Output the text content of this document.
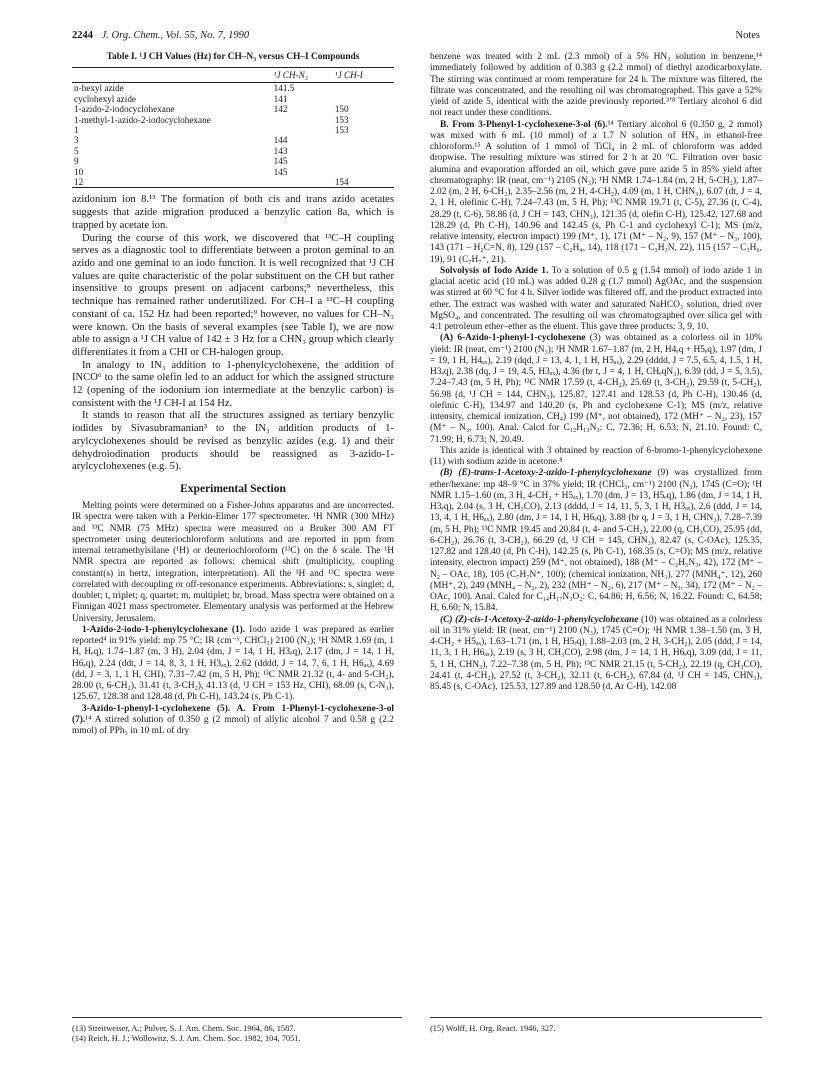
2244 J. Org. Chem., Vol. 55, No. 7, 1990	Notes
Table I. ¹J CH Values (Hz) for CH–N₃ versus CH–I Compounds
	¹J CH-N₃	¹J CH-I
n-hexyl azide	141.5	
cyclohexyl azide	141	
1-azido-2-iodocyclohexane	142	150
1-methyl-1-azido-2-iodocyclohexane		153
1		153
3	144	
5	143	
9	145	
10	145	
12		154

azidonium ion 8.¹³ The formation of both cis and trans azido acetates suggests that azide migration produced a benzylic cation 8a, which is trapped by acetate ion.

During the course of this work, we discovered that ¹³C–H coupling serves as a diagnostic tool to differentiate between a proton geminal to an azido and one geminal to an iodo function. It is well recognized that ¹J CH values are quite characteristic of the polar substituent on the CH but rather insensitive to groups present on adjacent carbons;⁹ nevertheless, this technique has remained rather underutilized. For CH–I a ¹³C–H coupling constant of ca. 152 Hz had been reported;⁹ however, no values for CH–N₃ were known. On the basis of several examples (see Table I), we are now able to assign a ¹J CH value of 142 ± 3 Hz for a CHN₃ group which clearly differentiates it from a CHI or CH-halogen group.

In analogy to IN₃ addition to 1-phenylcyclohexene, the addition of INCO⁶ to the same olefin led to an adduct for which the assigned structure 12 (opening of the iodonium ion intermediate at the benzylic carbon) is consistent with the ¹J CH-I at 154 Hz.

It stands to reason that all the structures assigned as tertiary benzylic iodides by Sivasubramanian³ to the IN₃ addition products of 1-arylcyclohexenes should be revised as benzylic azides (e.g. 1) and their dehydroiodination products should be reassigned as 3-azido-1-arylcyclohexenes (e.g. 5).

Experimental Section

Melting points were determined on a Fisher-Johns apparatus and are uncorrected. IR spectra were taken with a Perkin-Elmer 177 spectrometer. ¹H NMR (300 MHz) and ¹³C NMR (75 MHz) spectra were measured on a Bruker 300 AM FT spectrometer using deuteriochloroform solutions and are reported in ppm from internal tetramethylsilane (¹H) or deuteriochloroform (¹³C) on the δ scale. The ¹H NMR spectra are reported as follows: chemical shift (multiplicity, coupling constant(s) in hertz, integration, interpretation). All the ¹H and ¹³C spectra were correlated with decoupling or off-resonance experiments. Abbreviations: s, singlet; d, doublet; t, triplet; q, quartet; m, multiplet; br, broad. Mass spectra were obtained on a Finnigan 4021 mass spectrometer. Elementary analysis was performed at the Hebrew University, Jerusalem.

1-Azido-2-iodo-1-phenylcyclohexane (1). Iodo azide 1 was prepared as earlier reported⁴ in 91% yield: mp 75 °C; IR (cm⁻¹, CHCl₃) 2100 (N₃); ¹H NMR 1.69 (m, 1 H, Hₑq), 1.74–1.87 (m, 3 H), 2.04 (dm, J = 14, 1 H, H3ₑq), 2.17 (dm, J = 14, 1 H, H6ₑq), 2.24 (ddt, J = 14, 8, 3, 1 H, H3ₐₓ), 2.62 (dddd, J = 14, 7, 6, 1 H, H6ₐₓ), 4.69 (dd, J = 3, 1, 1 H, CHI), 7.31–7.42 (m, 5 H, Ph); ¹³C NMR 21.32 (t, 4- and 5-CH₂), 28.00 (t, 6-CH₂), 31.41 (t, 3-CH₂), 41.13 (d, ¹J CH = 153 Hz, CHI), 68.09 (s, C-N₃), 125.67, 128.38 and 128.48 (d, Ph C-H), 143.24 (s, Ph C-1).

3-Azido-1-phenyl-1-cyclohexene (5). A. From 1-Phenyl-1-cyclohexene-3-ol (7).¹⁴ A stirred solution of 0.350 g (2 mmol) of allylic alcohol 7 and 0.58 g (2.2 mmol) of PPh₃ in 10 mL of dry

benzene was treated with 2 mL (2.3 mmol) of a 5% HN₃ solution in benzene,¹⁴ immediately followed by addition of 0.383 g (2.2 mmol) of diethyl azodicarboxylate. The stirring was continued at room temperature for 24 h. The mixture was filtered, the filtrate was concentrated, and the resulting oil was chromatographed. This gave a 52% yield of azide 5, identical with the azide previously reported.³ʼ⁸ Tertiary alcohol 6 did not react under these conditions.

B. From 3-Phenyl-1-cyclohexene-3-ol (6).¹⁴ Tertiary alcohol 6 (0.350 g, 2 mmol) was mixed with 6 mL (10 mmol) of a 1.7 N solution of HN₃ in ethanol-free chloroform.¹⁵ A solution of 1 mmol of TiCl₄ in 2 mL of chloroform was added dropwise. The resulting mixture was stirred for 2 h at 20 °C. Filtration over basic alumina and evaporation afforded an oil, which gave pure azide 5 in 85% yield after chromatography: IR (neat, cm⁻¹) 2105 (N₃); ¹H NMR 1.74–1.84 (m, 2 H, 5-CH₂), 1.87–2.02 (m, 2 H, 6-CH₂), 2.35–2.56 (m, 2 H, 4-CH₂), 4.09 (m, 1 H, CHN₃), 6.07 (dt, J = 4, 2, 1 H, olefinic C-H), 7.24–7.43 (m, 5 H, Ph); ¹³C NMR 19.71 (t, C-5), 27.36 (t, C-4), 28.29 (t, C-6), 58.86 (d, J CH = 143, CHN₃), 121.35 (d, olefin C-H), 125.42, 127.68 and 128.29 (d, Ph C-H), 140.96 and 142.45 (s, Ph C-1 and cyclohexyl C-1); MS (m/z, relative intensity, electron impact) 199 (M⁺, 1), 171 (M⁺ – N₂, 9), 157 (M⁺ – N₃, 100), 143 (171 – H₂C=N, 8), 129 (157 – C₂H₄, 14), 118 (171 – C₃H₃N, 22), 115 (157 – C₃H₆, 19), 91 (C₇H₇⁺, 21).

Solvolysis of Iodo Azide 1. To a solution of 0.5 g (1.54 mmol) of iodo azide 1 in glacial acetic acid (10 mL) was added 0.28 g (1.7 mmol) AgOAc, and the suspension was stirred at 60 °C for 4 h. Silver iodide was filtered off, and the product extracted into ether. The extract was washed with water and saturated NaHCO₃ solution, dried over MgSO₄, and concentrated. The resulting oil was chromatographed over silica gel with 4:1 petroleum ether–ether as the eluent. This gave three products: 3, 9, 10.

(A) 6-Azido-1-phenyl-1-cyclohexene (3) was obtained as a colorless oil in 10% yield: IR (neat, cm⁻¹) 2100 (N₃); ¹H NMR 1.67–1.87 (m, 2 H, H4ₑq + H5ₑq), 1.97 (dm, J = 19, 1 H, H4ₐₓ), 2.19 (dqd, J = 13, 4, 1, 1 H, H5ₐₓ), 2.29 (dddd, J = 7.5, 6.5, 4, 1.5, 1 H, H3ₑq), 2.38 (dq, J = 19, 4.5, H3ₐₓ), 4.36 (br t, J = 4, 1 H, CHₑqN₃), 6.39 (dd, J = 5, 3.5), 7.24–7.43 (m, 5 H, Ph); ¹³C NMR 17.59 (t, 4-CH₂), 25.69 (t, 3-CH₂), 29.59 (t, 5-CH₂), 56.98 (d, ¹J CH = 144, CHN₃), 125.87, 127.41 and 128.53 (d, Ph C-H), 130.46 (d, olefinic C-H), 134.97 and 140.20 (s, Ph and cyclohexene C-1); MS (m/z, relative intensity, chemical ionization, CH₄) 199 (M⁺, not obtained), 172 (MH⁺ – N₂, 23), 157 (M⁺ – N₃, 100). Anal. Calcd for C₁₂H₁₃N₃: C, 72.36; H, 6.53; N, 21.10. Found: C, 71.99; H, 6.73; N, 20.49.

This azide is identical with 3 obtained by reaction of 6-bromo-1-phenylcyclohexene (11) with sodium azide in acetone.⁸

(B) (E)-trans-1-Acetoxy-2-azido-1-phenylcyclohexane (9) was crystallized from ether/hexane: mp 48–9 °C in 37% yield; IR (CHCl₃, cm⁻¹) 2100 (N₃), 1745 (C=O); ¹H NMR 1.15–1.60 (m, 3 H, 4-CH₂ + H5ₐₓ), 1.70 (dm, J = 13, H5ₑq), 1.86 (dm, J = 14, 1 H, H3ₑq), 2.04 (s, 3 H, CH₃CO), 2.13 (dddd, J = 14, 11, 5, 3, 1 H, H3ₐₓ), 2.6 (ddd, J = 14, 13, 4, 1 H, H6ₐₓ), 2.80 (dm, J = 14, 1 H, H6ₑq), 3.88 (br q, J = 3, 1 H, CHN₃), 7.28–7.39 (m, 5 H, Ph); ¹³C NMR 19.45 and 20.84 (t, 4- and 5-CH₂), 22.00 (q, CH₃CO), 25.95 (dd, 6-CH₂), 26.76 (t, 3-CH₂), 66.29 (d, ¹J CH = 145, CHN₃), 82.47 (s, C-OAc), 125.35, 127.82 and 128.40 (d, Ph C-H), 142.25 (s, Ph C-1), 168.35 (s, C=O); MS (m/z, relative intensity, electron impact) 259 (M⁺, not obtained), 188 (M⁺ – C₂H₅N₃, 42), 172 (M⁺ – N₂ – OAc, 18), 105 (C₇H₇N⁺, 100); (chemical ionization, NH₃), 277 (MNH₄⁺, 12), 260 (MH⁺, 2), 249 (MNH₄ – N₂, 2), 232 (MH⁺ – N₂, 6), 217 (M⁺ – N₃, 34), 172 (M⁺ – N₂ – OAc, 100). Anal. Calcd for C₁₄H₁₇N₃O₂: C, 64.86; H, 6.56; N, 16.22. Found: C, 64.58; H, 6.60; N, 15.84.

(C) (Z)-cis-1-Acetoxy-2-azido-1-phenylcyclohexane (10) was obtained as a colorless oil in 31% yield: IR (neat, cm⁻¹) 2100 (N₃), 1745 (C=O); ¹H NMR 1.38–1.50 (m, 3 H, 4-CH₂ + H5ₐₓ), 1.63–1.71 (m, 1 H, H5ₑq), 1.88–2.03 (m, 2 H, 3-CH₂), 2.05 (ddd, J = 14, 11, 3, 1 H, H6ₐₓ), 2.19 (s, 3 H, CH₃CO), 2.98 (dm, J = 14, 1 H, H6ₑq), 3.09 (dd, J = 11, 5, 1 H, CHN₃), 7.22–7.38 (m, 5 H, Ph); ¹³C NMR 21.15 (t, 5-CH₂), 22.19 (q, CH₃CO), 24.41 (t, 4-CH₂), 27.52 (t, 3-CH₂), 32.11 (t, 6-CH₂), 67.84 (d, ¹J CH = 145, CHN₃), 85.45 (s, C-OAc), 125.53, 127.89 and 128.50 (d, Ar C-H), 142.08

(13) Streitweiser, A.; Pulver, S. J. Am. Chem. Soc. 1964, 86, 1587.
(14) Reich, H. J.; Wollowitz, S. J. Am. Chem. Soc. 1982, 104, 7051.
(15) Wolff, H. Org. React. 1946, 327.
